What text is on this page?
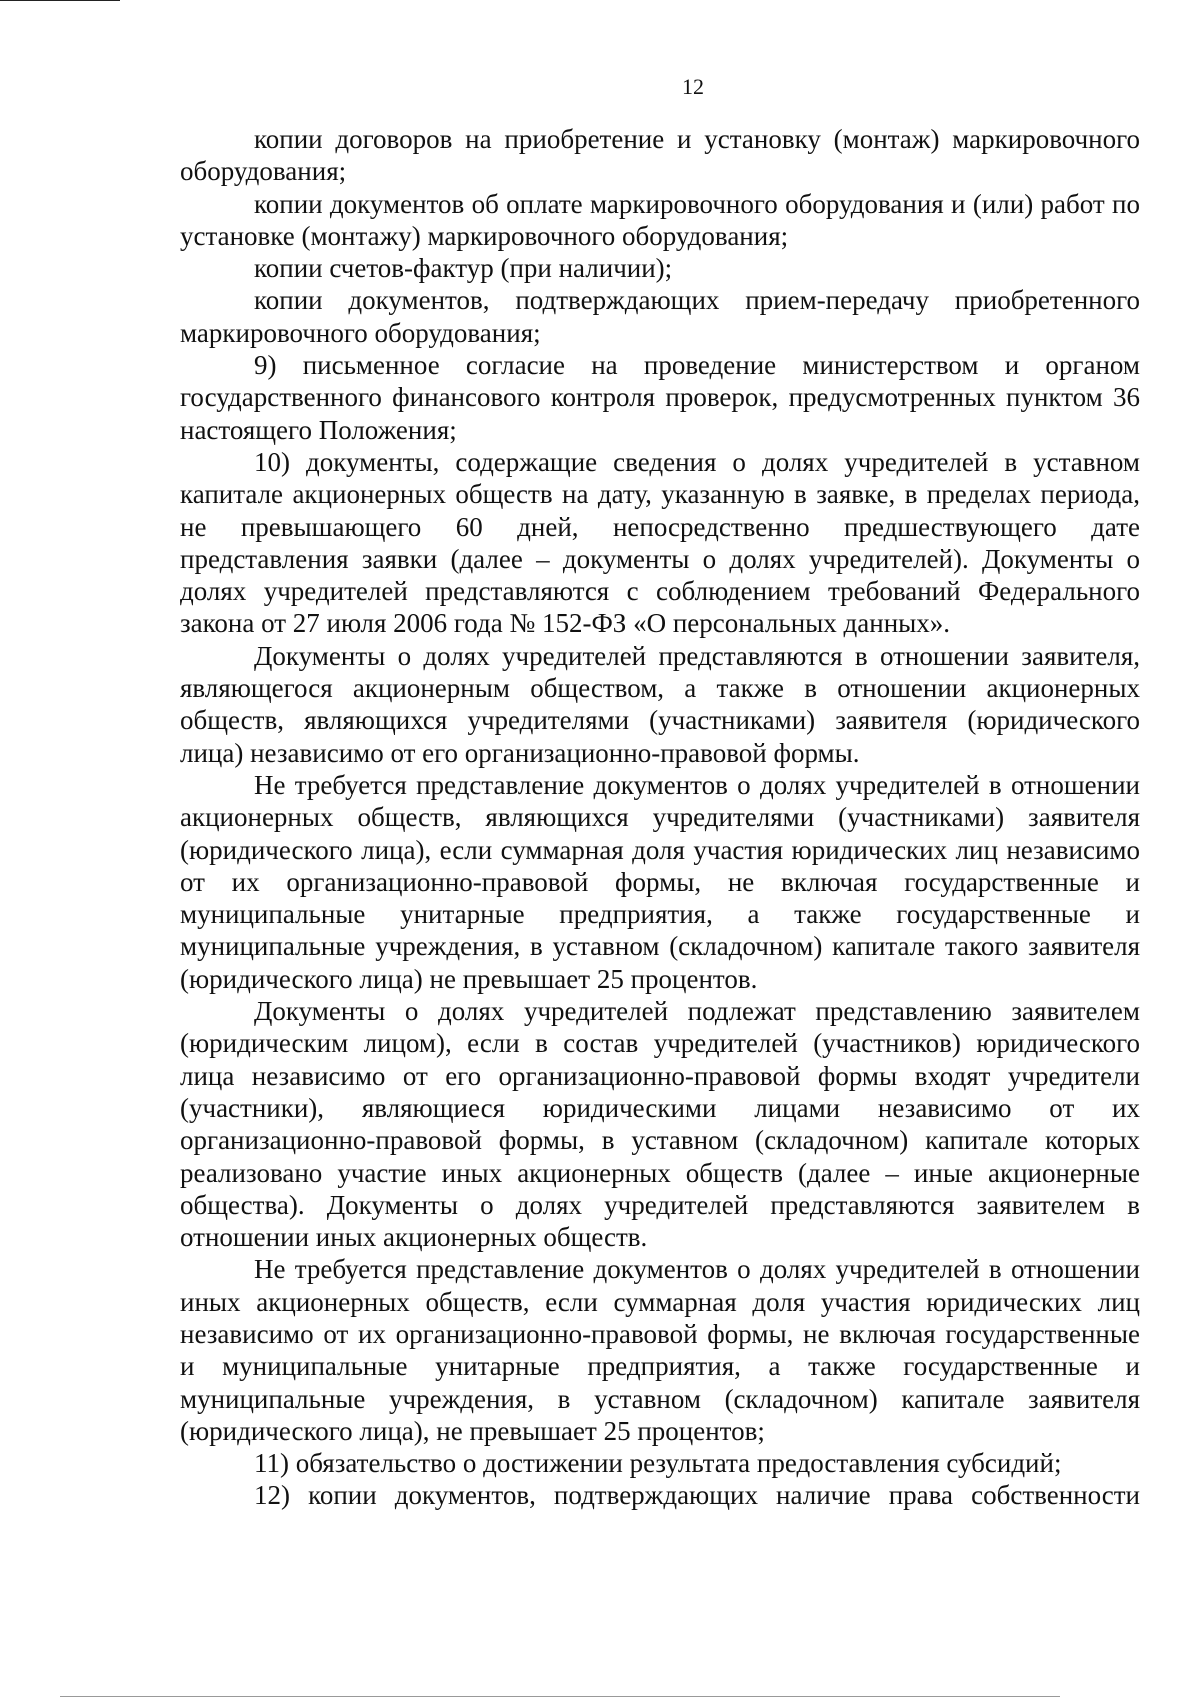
12

копии договоров на приобретение и установку (монтаж) маркировочного оборудования;

копии документов об оплате маркировочного оборудования и (или) работ по установке (монтажу) маркировочного оборудования;

копии счетов-фактур (при наличии);

копии документов, подтверждающих прием-передачу приобретенного маркировочного оборудования;

9) письменное согласие на проведение министерством и органом государственного финансового контроля проверок, предусмотренных пунктом 36 настоящего Положения;

10) документы, содержащие сведения о долях учредителей в уставном капитале акционерных обществ на дату, указанную в заявке, в пределах периода, не превышающего 60 дней, непосредственно предшествующего дате представления заявки (далее – документы о долях учредителей). Документы о долях учредителей представляются с соблюдением требований Федерального закона от 27 июля 2006 года № 152-ФЗ «О персональных данных».

Документы о долях учредителей представляются в отношении заявителя, являющегося акционерным обществом, а также в отношении акционерных обществ, являющихся учредителями (участниками) заявителя (юридического лица) независимо от его организационно-правовой формы.

Не требуется представление документов о долях учредителей в отношении акционерных обществ, являющихся учредителями (участниками) заявителя (юридического лица), если суммарная доля участия юридических лиц независимо от их организационно-правовой формы, не включая государственные и муниципальные унитарные предприятия, а также государственные и муниципальные учреждения, в уставном (складочном) капитале такого заявителя (юридического лица) не превышает 25 процентов.

Документы о долях учредителей подлежат представлению заявителем (юридическим лицом), если в состав учредителей (участников) юридического лица независимо от его организационно-правовой формы входят учредители (участники), являющиеся юридическими лицами независимо от их организационно-правовой формы, в уставном (складочном) капитале которых реализовано участие иных акционерных обществ (далее – иные акционерные общества). Документы о долях учредителей представляются заявителем в отношении иных акционерных обществ.

Не требуется представление документов о долях учредителей в отношении иных акционерных обществ, если суммарная доля участия юридических лиц независимо от их организационно-правовой формы, не включая государственные и муниципальные унитарные предприятия, а также государственные и муниципальные учреждения, в уставном (складочном) капитале заявителя (юридического лица), не превышает 25 процентов;

11) обязательство о достижении результата предоставления субсидий;

12) копии документов, подтверждающих наличие права собственности
